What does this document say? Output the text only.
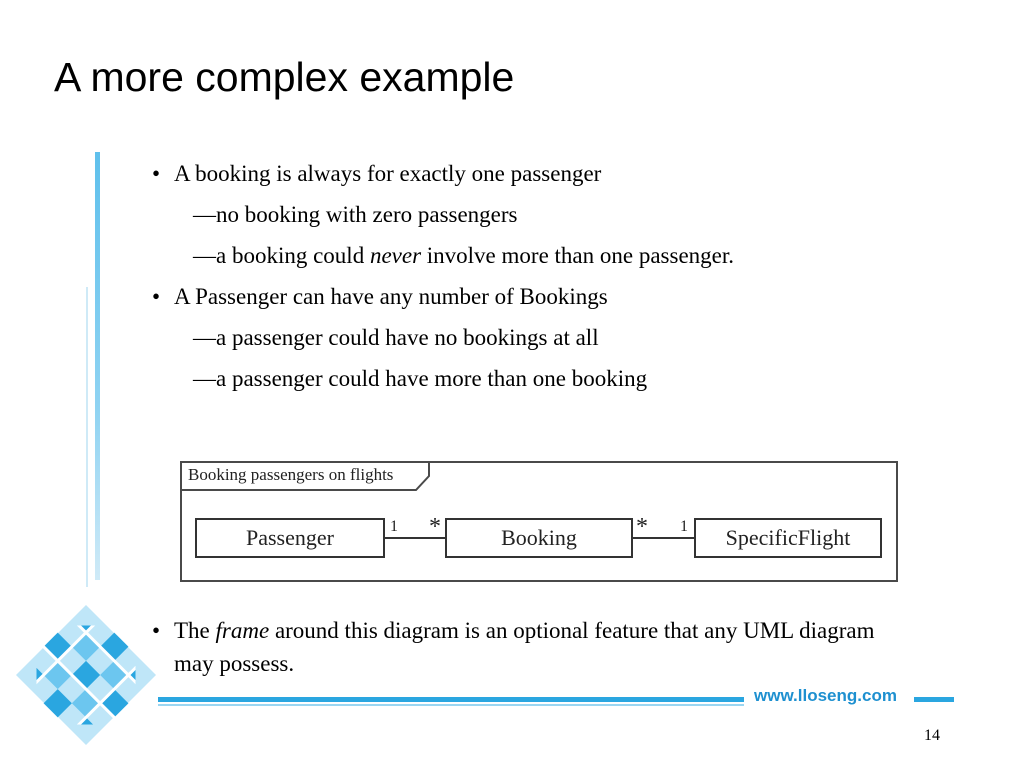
A more complex example
• A booking is always for exactly one passenger
—no booking with zero passengers
—a booking could never involve more than one passenger.
• A Passenger can have any number of Bookings
—a passenger could have no bookings at all
—a passenger could have more than one booking
Booking passengers on flights
Passenger	Booking	SpecificFlight
1 *	* 1
• The frame around this diagram is an optional feature that any UML diagram may possess.
www.lloseng.com
14
